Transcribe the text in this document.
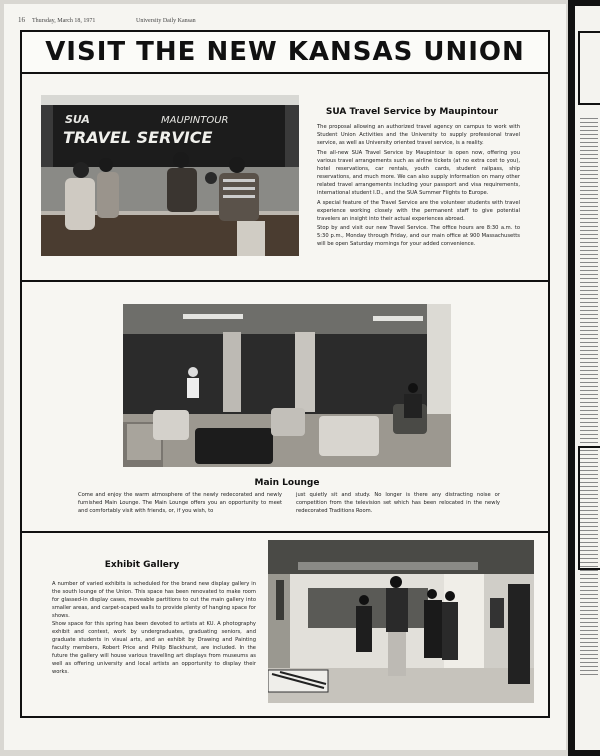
16 Thursday, March 18, 1971	University Daily Kansan
VISIT THE NEW KANSAS UNION
SUA	MAUPINTOUR
TRAVEL SERVICE
SUA Travel Service by Maupintour

The proposal allowing an authorized travel agency on campus to work with Student Union Activities and the University to supply professional travel service, as well as University oriented travel service, is a reality.

The all-new SUA Travel Service by Maupintour is open now, offering you various travel arrangements such as airline tickets (at no extra cost to you), hotel reservations, car rentals, youth cards, student railpass, ship reservations, and much more. We can also supply information on many other related travel arrangements including your passport and visa requirements, international student I.D., and the SUA Summer Flights to Europe.

A special feature of the Travel Service are the volunteer students with travel experience working closely with the permanent staff to give potential travelers an insight into their actual experiences abroad.

Stop by and visit our new Travel Service. The office hours are 8:30 a.m. to 5:30 p.m., Monday through Friday, and our main office at 900 Massachusetts will be open Saturday mornings for your added convenience.

Main Lounge

Come and enjoy the warm atmosphere of the newly redecorated and newly furnished Main Lounge. The Main Lounge offers you an opportunity to meet and comfortably visit with friends, or, if you wish, to

just quietly sit and study. No longer is there any distracting noise or competition from the television set which has been relocated in the newly redecorated Traditions Room.

Exhibit Gallery

A number of varied exhibits is scheduled for the brand new display gallery in the south lounge of the Union. This space has been renovated to make room for glassed-in display cases, moveable partitions to cut the main gallery into smaller areas, and carpet-scaped walls to provide plenty of hanging space for shows.

Show space for this spring has been devoted to artists at KU. A photography exhibit and contest, work by undergraduates, graduating seniors, and graduate students in visual arts, and an exhibit by Drawing and Painting faculty members, Robert Price and Philip Blackhurst, are included. In the future the gallery will house various travelling art displays from museums as well as offering university and local artists an opportunity to display their works.
